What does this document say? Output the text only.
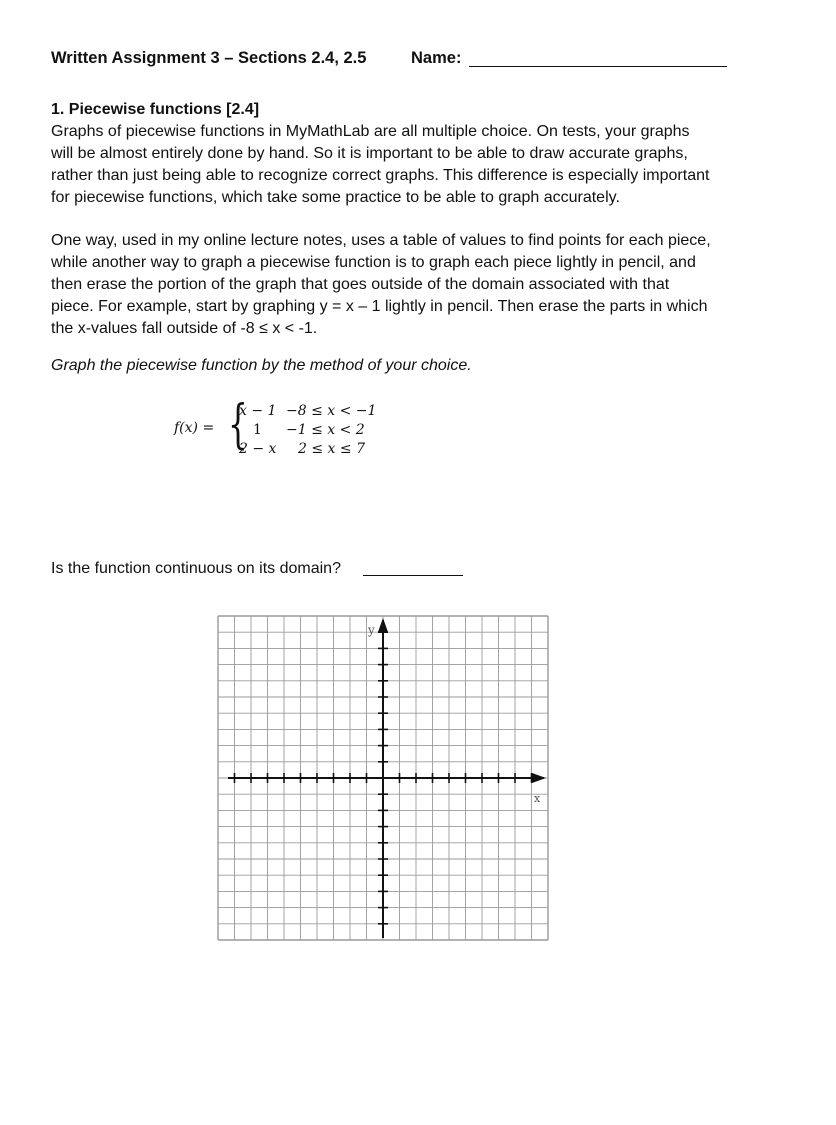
Written Assignment 3 – Sections 2.4, 2.5	Name:
1. Piecewise functions [2.4]
Graphs of piecewise functions in MyMathLab are all multiple choice. On tests, your graphs will be almost entirely done by hand. So it is important to be able to draw accurate graphs, rather than just being able to recognize correct graphs. This difference is especially important for piecewise functions, which take some practice to be able to graph accurately.
One way, used in my online lecture notes, uses a table of values to find points for each piece, while another way to graph a piecewise function is to graph each piece lightly in pencil, and then erase the portion of the graph that goes outside of the domain associated with that piece. For example, start by graphing y = x – 1 lightly in pencil. Then erase the parts in which the x-values fall outside of -8 ≤ x < -1.
Graph the piecewise function by the method of your choice.
f(x) = {
x − 1 −8 ≤ x < −1
1	−1 ≤ x < 2
2 − x	2 ≤ x ≤ 7
Is the function continuous on its domain?
y
x
